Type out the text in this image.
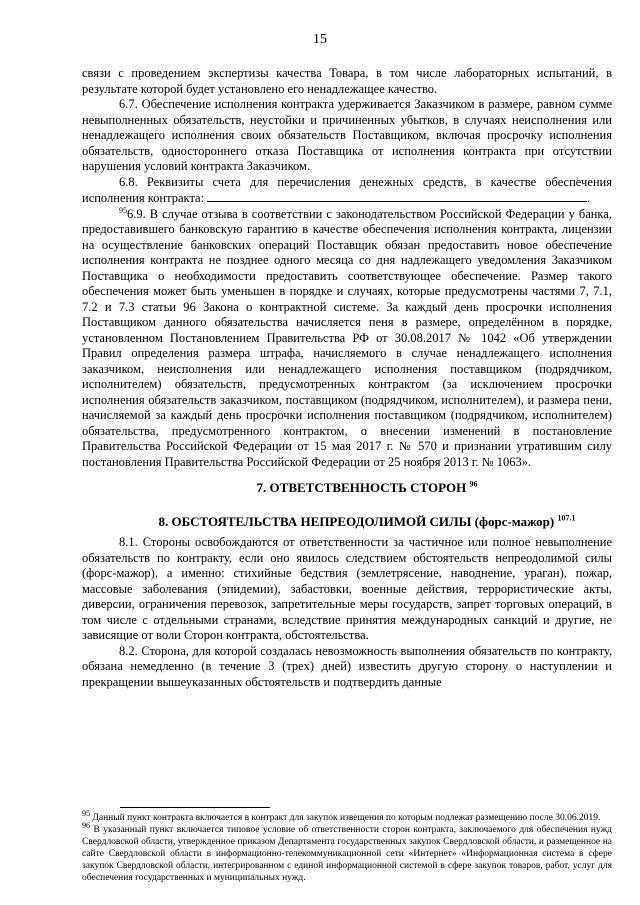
15

связи с проведением экспертизы качества Товара, в том числе лабораторных испытаний, в результате которой будет установлено его ненадлежащее качество.

6.7. Обеспечение исполнения контракта удерживается Заказчиком в размере, равном сумме невыполненных обязательств, неустойки и причиненных убытков, в случаях неисполнения или ненадлежащего исполнения своих обязательств Поставщиком, включая просрочку исполнения обязательств, одностороннего отказа Поставщика от исполнения контракта при отсутствии нарушения условий контракта Заказчиком.

6.8. Реквизиты счета для перечисления денежных средств, в качестве обеспечения исполнения контракта:	.

$^{95}$6.9. В случае отзыва в соответствии с законодательством Российской Федерации у банка, предоставившего банковскую гарантию в качестве обеспечения исполнения контракта, лицензии на осуществление банковских операций Поставщик обязан предоставить новое обеспечение исполнения контракта не позднее одного месяца со дня надлежащего уведомления Заказчиком Поставщика о необходимости предоставить соответствующее обеспечение. Размер такого обеспечения может быть уменьшен в порядке и случаях, которые предусмотрены частями 7, 7.1, 7.2 и 7.3 статьи 96 Закона о контрактной системе. За каждый день просрочки исполнения Поставщиком данного обязательства начисляется пеня в размере, определённом в порядке, установленном Постановлением Правительства РФ от 30.08.2017 № 1042 «Об утверждении Правил определения размера штрафа, начисляемого в случае ненадлежащего исполнения заказчиком, неисполнения или ненадлежащего исполнения поставщиком (подрядчиком, исполнителем) обязательств, предусмотренных контрактом (за исключением просрочки исполнения обязательств заказчиком, поставщиком (подрядчиком, исполнителем), и размера пени, начисляемой за каждый день просрочки исполнения поставщиком (подрядчиком, исполнителем) обязательства, предусмотренного контрактом, о внесении изменений в постановление Правительства Российской Федерации от 15 мая 2017 г. № 570 и признании утратившим силу постановления Правительства Российской Федерации от 25 ноября 2013 г. № 1063».

7. ОТВЕТСТВЕННОСТЬ СТОРОН $^{96}$
8. ОБСТОЯТЕЛЬСТВА НЕПРЕОДОЛИМОЙ СИЛЫ (форс-мажор) $^{107.1}$

8.1. Стороны освобождаются от ответственности за частичное или полное невыполнение обязательств по контракту, если оно явилось следствием обстоятельств непреодолимой силы (форс-мажор), а именно: стихийные бедствия (землетрясение, наводнение, ураган), пожар, массовые заболевания (эпидемии), забастовки, военные действия, террористические акты, диверсии, ограничения перевозок, запретительные меры государств, запрет торговых операций, в том числе с отдельными странами, вследствие принятия международных санкций и другие, не зависящие от воли Сторон контракта, обстоятельства.

8.2. Сторона, для которой создалась невозможность выполнения обязательств по контракту, обязана немедленно (в течение 3 (трех) дней) известить другую сторону о наступлении и прекращении вышеуказанных обстоятельств и подтвердить данные

$^{95}$ Данный пункт контракта включается в контракт для закупок извещения по которым подлежат размещению после 30.06.2019.

$^{96}$ В указанный пункт включается типовое условие об ответственности сторон контракта, заключаемого для обеспечения нужд Свердловской области, утвержденное приказом Департамента государственных закупок Свердловской области, и размещенное на сайте Свердловской области в информационно-телекоммуникационной сети «Интернет» «Информационная система в сфере закупок Свердловской области, интегрированном с единой информационной системой в сфере закупок товаров, работ, услуг для обеспечения государственных и муниципальных нужд.
